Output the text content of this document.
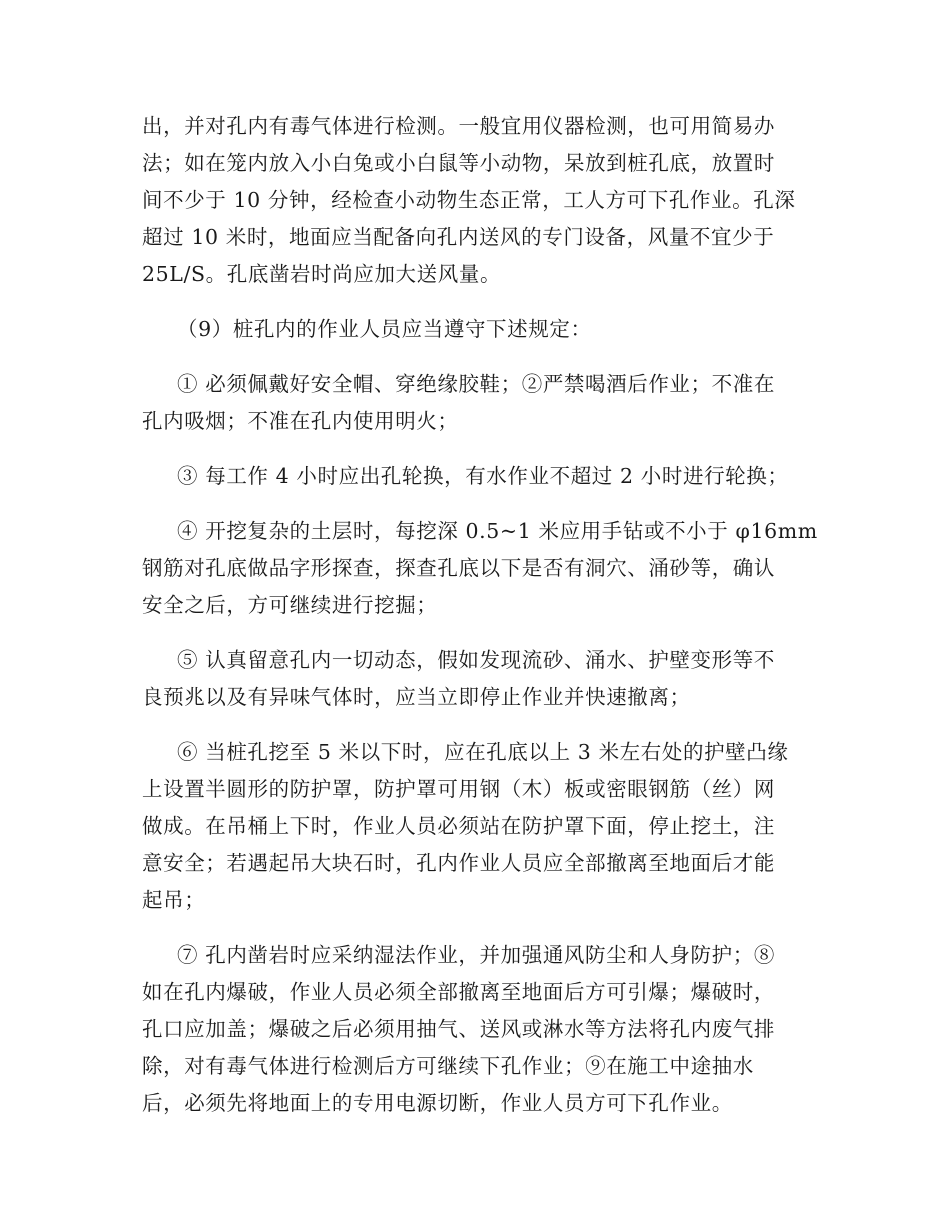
出，并对孔内有毒气体进行检测。一般宜用仪器检测，也可用简易办
法；如在笼内放入小白兔或小白鼠等小动物，呆放到桩孔底，放置时
间不少于 10 分钟，经检查小动物生态正常，工人方可下孔作业。孔深
超过 10 米时，地面应当配备向孔内送风的专门设备，风量不宜少于
25L/S。孔底凿岩时尚应加大送风量。

（9）桩孔内的作业人员应当遵守下述规定：

① 必须佩戴好安全帽、穿绝缘胶鞋；②严禁喝酒后作业；不准在
孔内吸烟；不准在孔内使用明火；

③ 每工作 4 小时应出孔轮换，有水作业不超过 2 小时进行轮换；

④ 开挖复杂的土层时，每挖深 0.5~1 米应用手钻或不小于 φ16mm
钢筋对孔底做品字形探查，探查孔底以下是否有洞穴、涌砂等，确认
安全之后，方可继续进行挖掘；

⑤ 认真留意孔内一切动态，假如发现流砂、涌水、护壁变形等不
良预兆以及有异味气体时，应当立即停止作业并快速撤离；

⑥ 当桩孔挖至 5 米以下时，应在孔底以上 3 米左右处的护壁凸缘
上设置半圆形的防护罩，防护罩可用钢（木）板或密眼钢筋（丝）网
做成。在吊桶上下时，作业人员必须站在防护罩下面，停止挖土，注
意安全；若遇起吊大块石时，孔内作业人员应全部撤离至地面后才能
起吊；

⑦ 孔内凿岩时应采纳湿法作业，并加强通风防尘和人身防护；⑧
如在孔内爆破，作业人员必须全部撤离至地面后方可引爆；爆破时，
孔口应加盖；爆破之后必须用抽气、送风或淋水等方法将孔内废气排
除，对有毒气体进行检测后方可继续下孔作业；⑨在施工中途抽水
后，必须先将地面上的专用电源切断，作业人员方可下孔作业。
